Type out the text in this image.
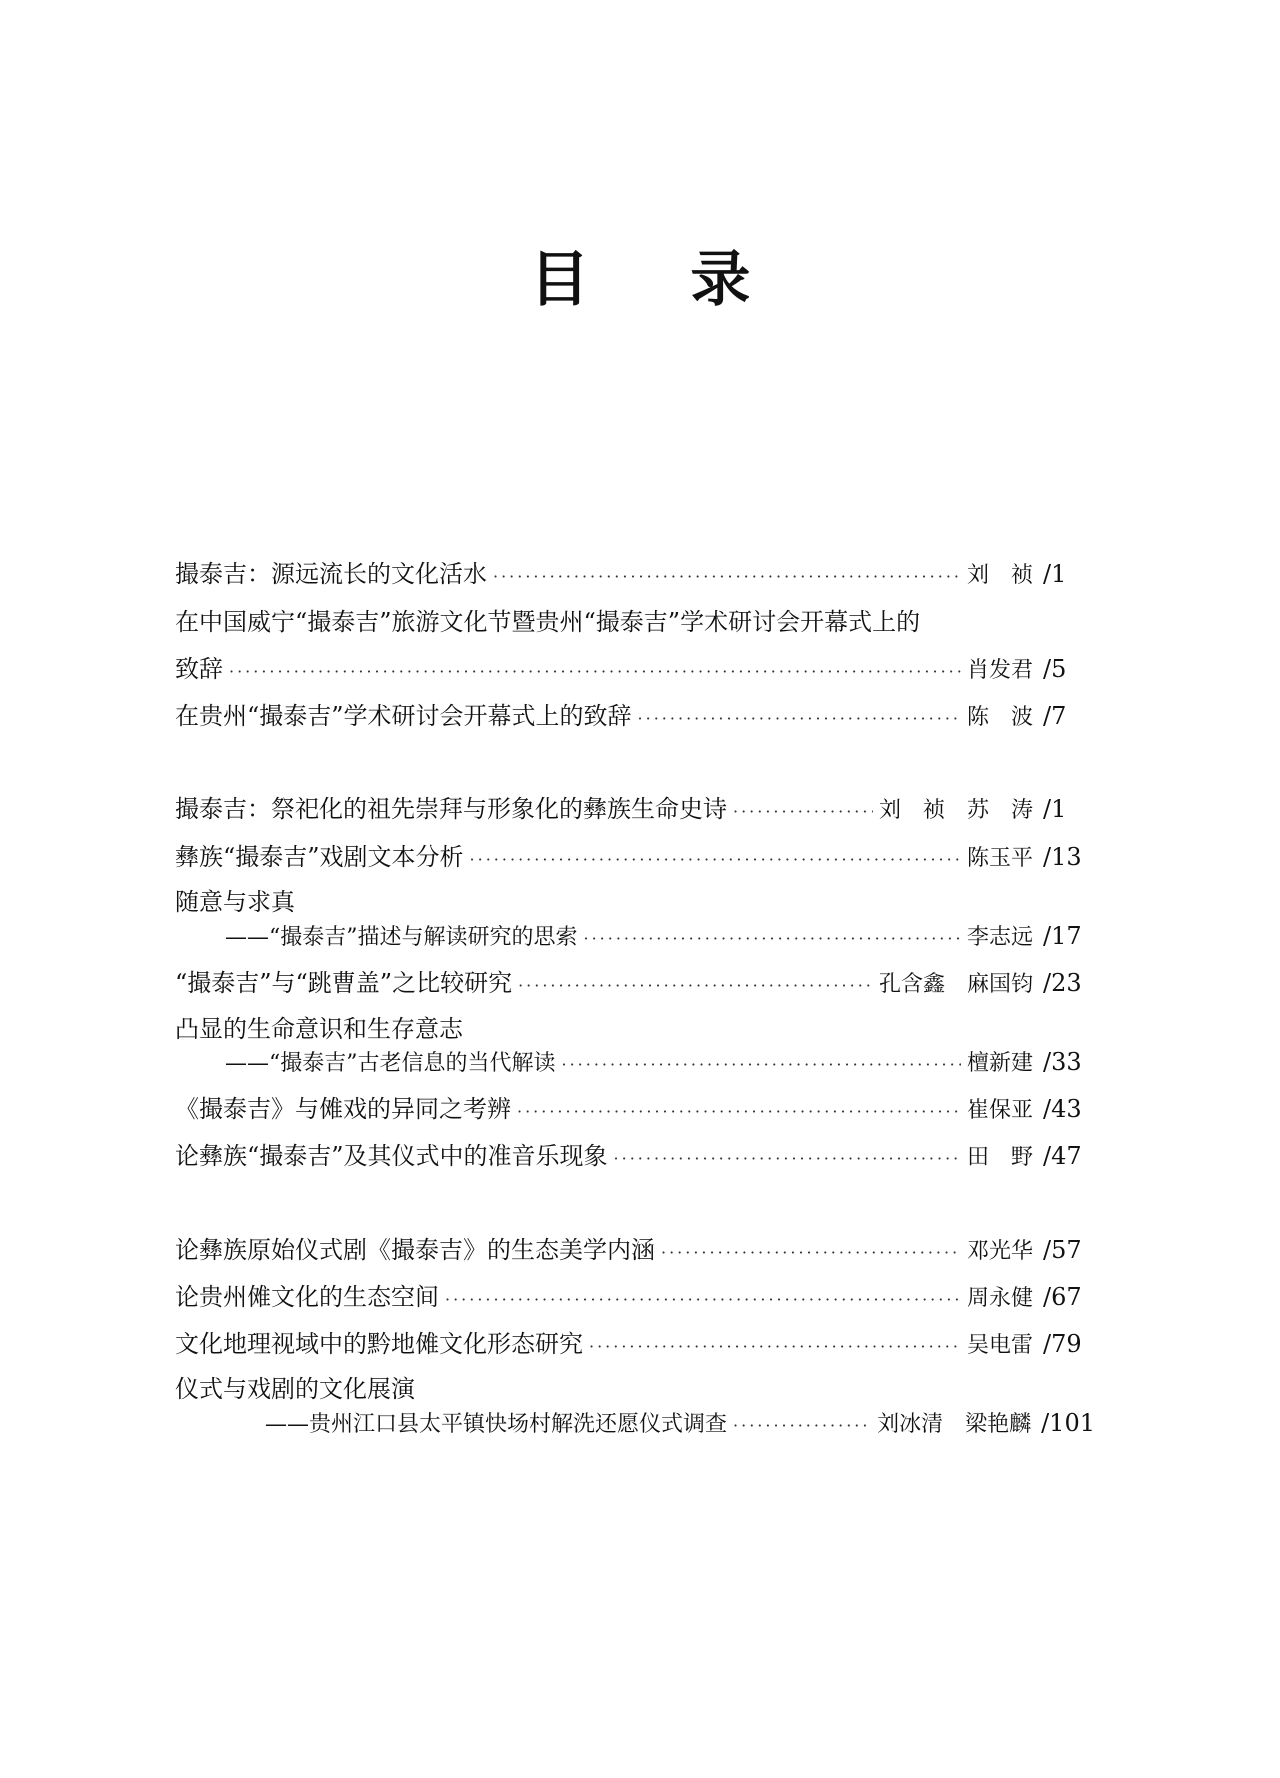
目 录
撮泰吉：源远流长的文化活水 ·····	刘　祯 /1
在中国威宁“撮泰吉”旅游文化节暨贵州“撮泰吉”学术研讨会开幕式上的
致辞 ·····	肖发君 /5
在贵州“撮泰吉”学术研讨会开幕式上的致辞 ·····	陈　波 /7
撮泰吉：祭祀化的祖先崇拜与形象化的彝族生命史诗 ·····	刘　祯　苏　涛 /1
彝族“撮泰吉”戏剧文本分析 ·····	陈玉平 /13
随意与求真
——“撮泰吉”描述与解读研究的思索 ·····	李志远 /17
“撮泰吉”与“跳曹盖”之比较研究 ·····	孔含鑫　麻国钧 /23
凸显的生命意识和生存意志
——“撮泰吉”古老信息的当代解读 ·····	檀新建 /33
《撮泰吉》与傩戏的异同之考辨 ·····	崔保亚 /43
论彝族“撮泰吉”及其仪式中的准音乐现象 ·····	田　野 /47
论彝族原始仪式剧《撮泰吉》的生态美学内涵 ·····	邓光华 /57
论贵州傩文化的生态空间 ·····	周永健 /67
文化地理视域中的黔地傩文化形态研究 ·····	吴电雷 /79
仪式与戏剧的文化展演
——贵州江口县太平镇快场村解洗还愿仪式调查 ·····	刘冰清　梁艳麟 /101
